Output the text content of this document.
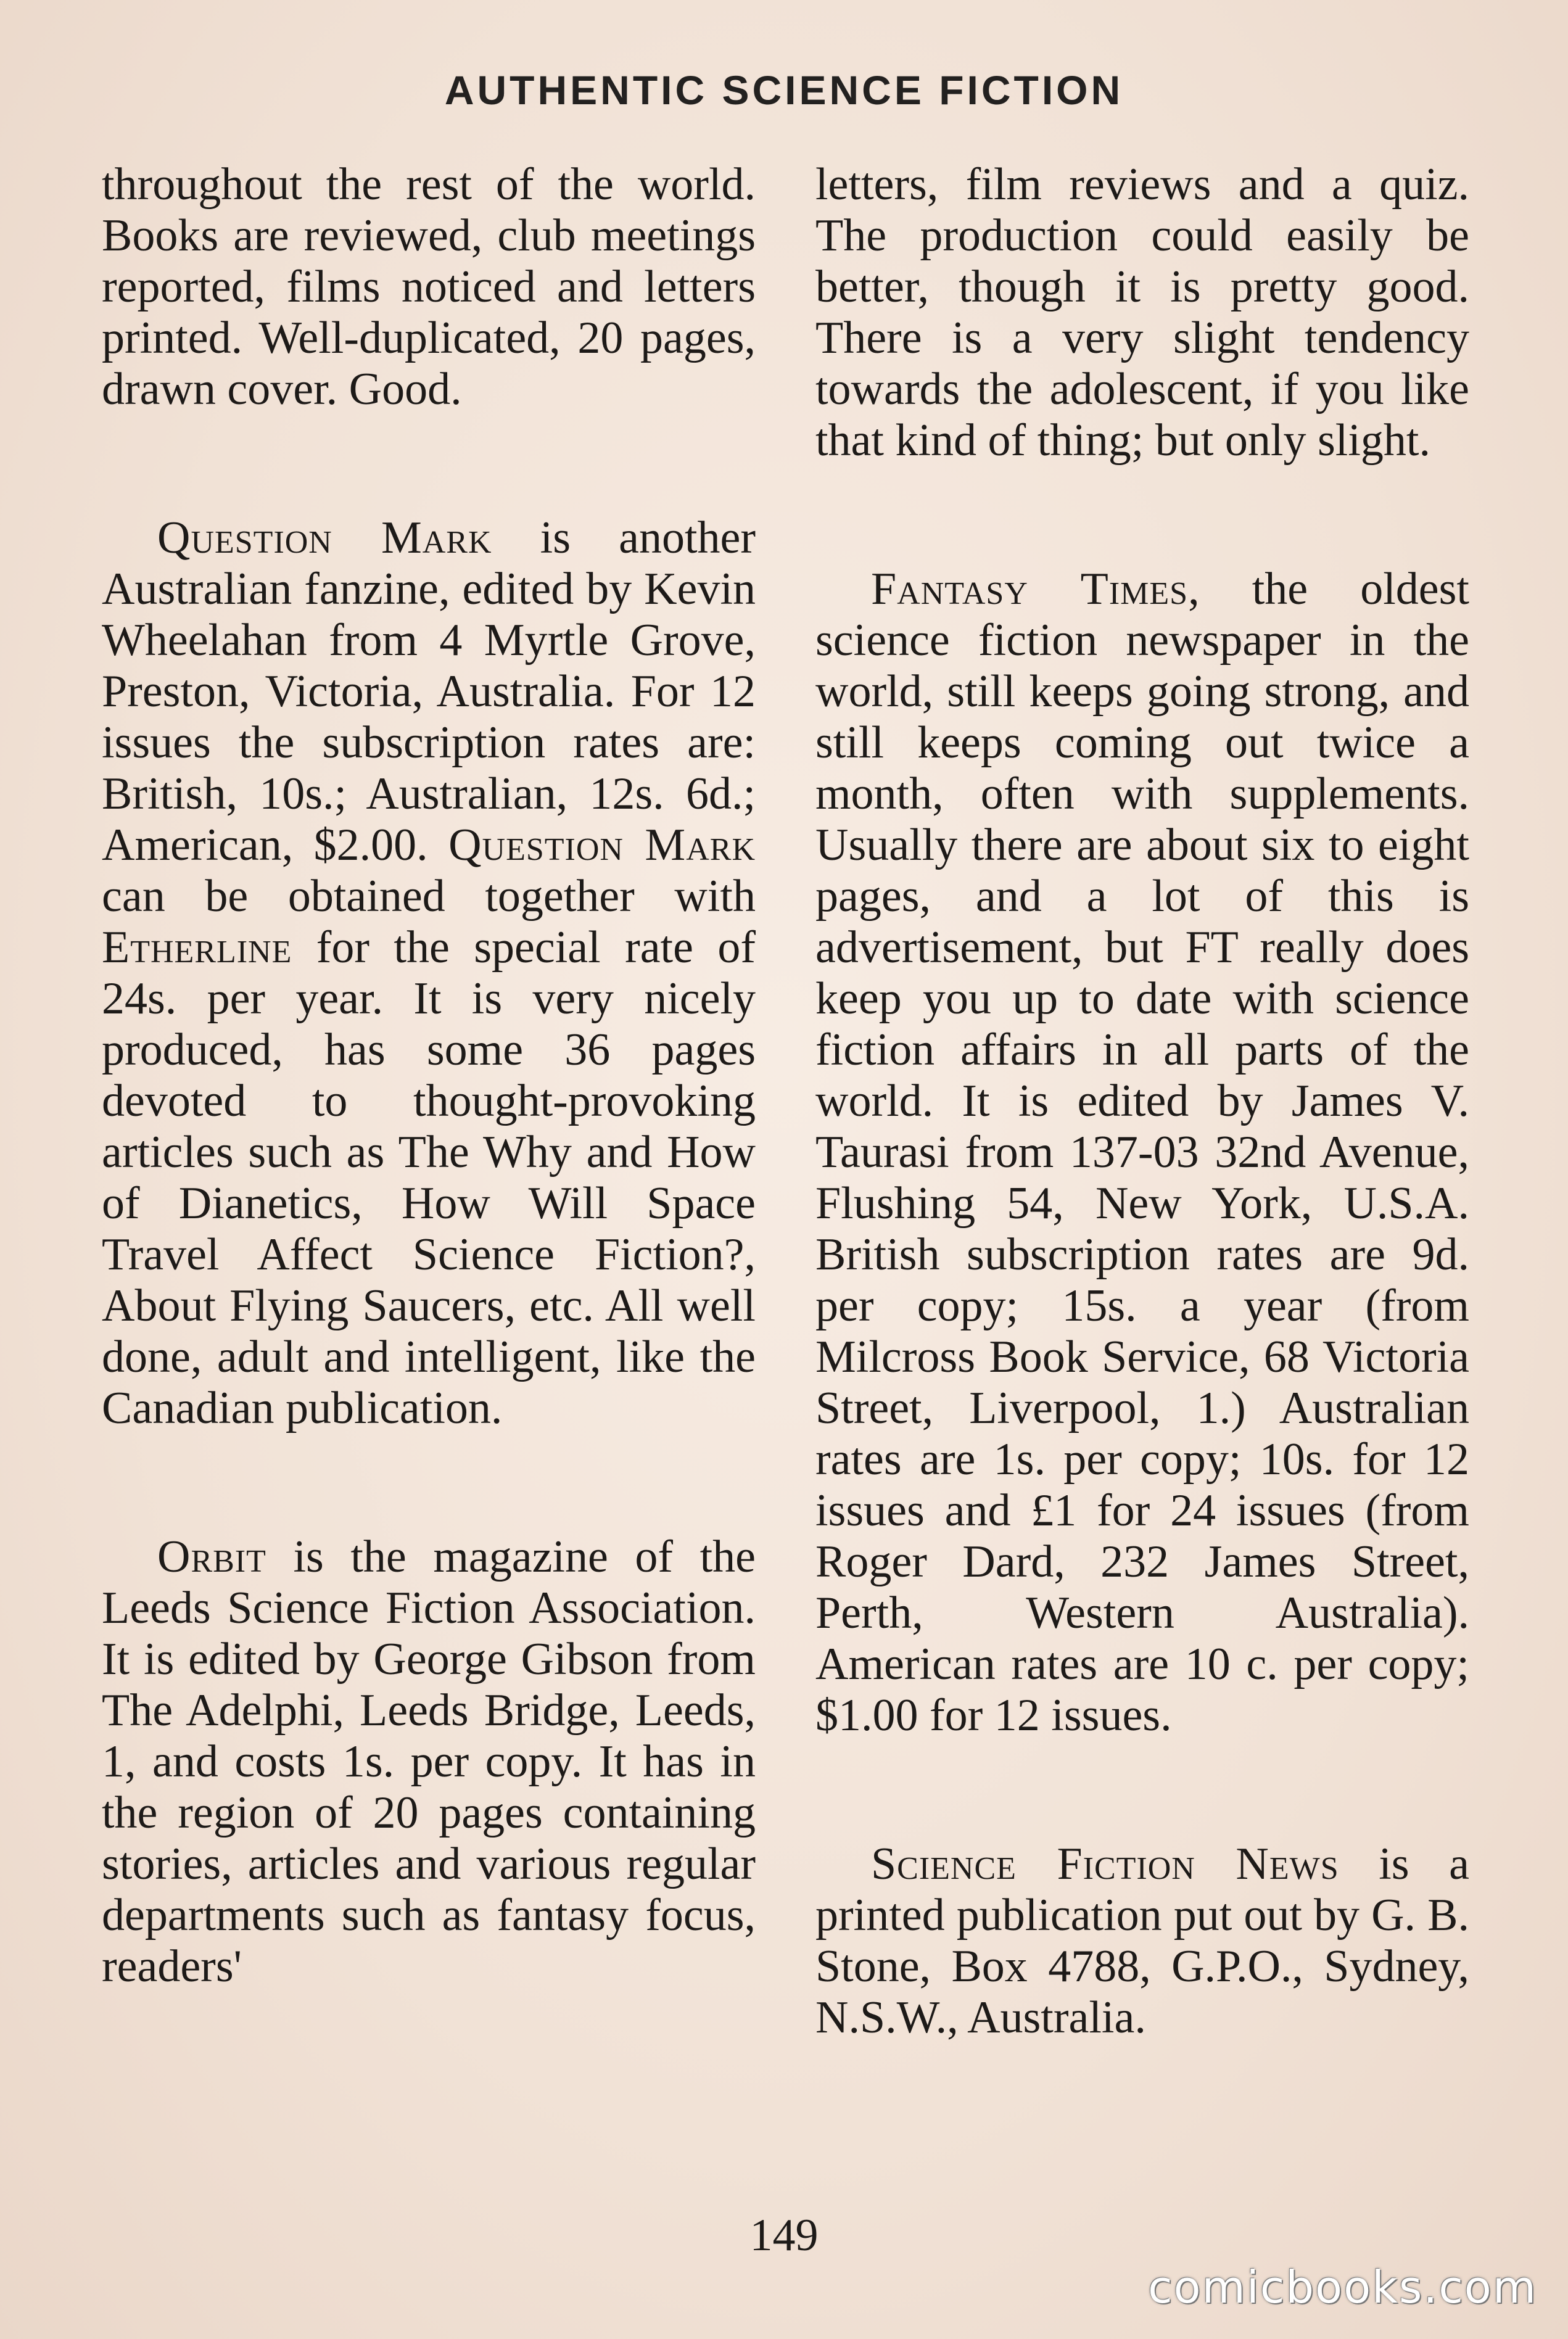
AUTHENTIC SCIENCE FICTION

throughout the rest of the world. Books are reviewed, club meetings reported, films noticed and letters printed. Well-duplicated, 20 pages, drawn cover. Good.

Question Mark is another Australian fanzine, edited by Kevin Wheelahan from 4 Myrtle Grove, Preston, Victoria, Australia. For 12 issues the subscription rates are: British, 10s.; Australian, 12s. 6d.; American, $2.00. Question Mark can be obtained together with Etherline for the special rate of 24s. per year. It is very nicely produced, has some 36 pages devoted to thought-provoking articles such as The Why and How of Dianetics, How Will Space Travel Affect Science Fiction?, About Flying Saucers, etc. All well done, adult and intelligent, like the Canadian publication.

Orbit is the magazine of the Leeds Science Fiction Association. It is edited by George Gibson from The Adelphi, Leeds Bridge, Leeds, 1, and costs 1s. per copy. It has in the region of 20 pages containing stories, articles and various regular departments such as fantasy focus, readers'

letters, film reviews and a quiz. The production could easily be better, though it is pretty good. There is a very slight tendency towards the adolescent, if you like that kind of thing; but only slight.

Fantasy Times, the oldest science fiction newspaper in the world, still keeps going strong, and still keeps coming out twice a month, often with supplements. Usually there are about six to eight pages, and a lot of this is advertisement, but FT really does keep you up to date with science fiction affairs in all parts of the world. It is edited by James V. Taurasi from 137-03 32nd Avenue, Flushing 54, New York, U.S.A. British subscription rates are 9d. per copy; 15s. a year (from Milcross Book Service, 68 Victoria Street, Liverpool, 1.) Australian rates are 1s. per copy; 10s. for 12 issues and £1 for 24 issues (from Roger Dard, 232 James Street, Perth, Western Australia). American rates are 10 c. per copy; $1.00 for 12 issues.

Science Fiction News is a printed publication put out by G. B. Stone, Box 4788, G.P.O., Sydney, N.S.W., Australia.

149
comicbooks.com
